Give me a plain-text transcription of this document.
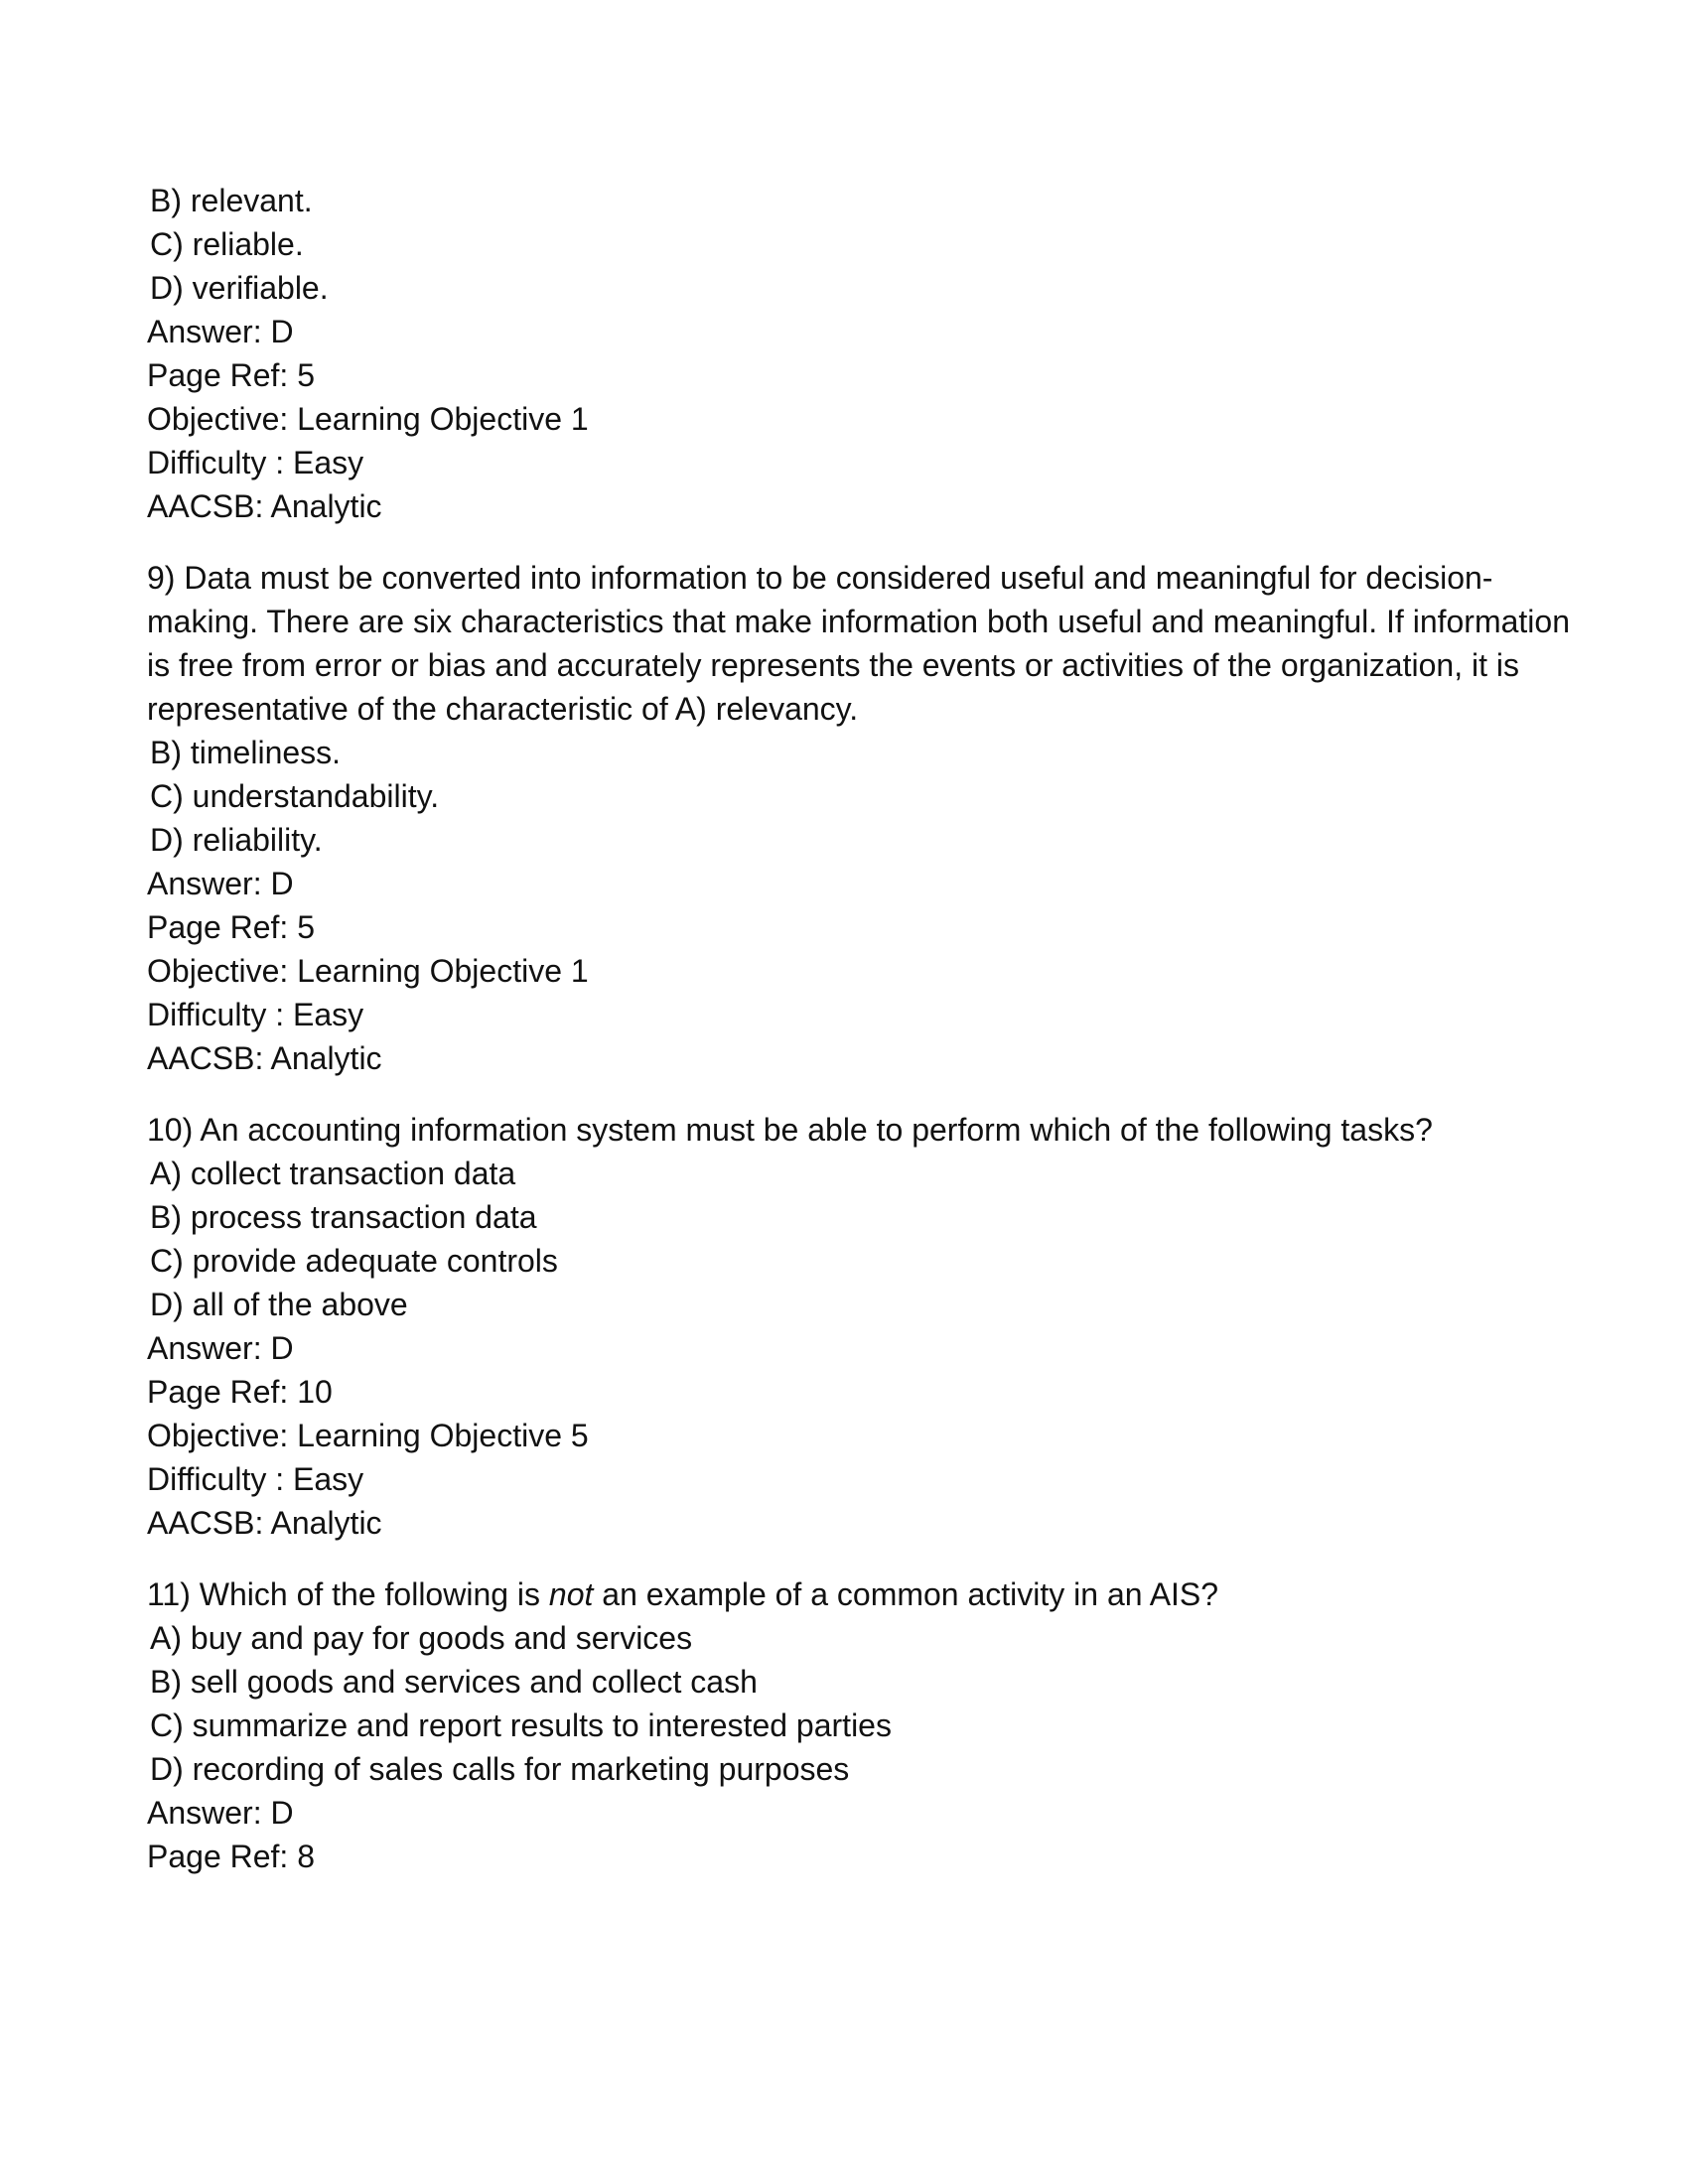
B) relevant.
C) reliable.
D) verifiable.
Answer: D
Page Ref: 5
Objective: Learning Objective 1
Difficulty : Easy
AACSB: Analytic
9) Data must be converted into information to be considered useful and meaningful for decision-
making. There are six characteristics that make information both useful and meaningful. If information
is free from error or bias and accurately represents the events or activities of the organization, it is
representative of the characteristic of A) relevancy.
B) timeliness.
C) understandability.
D) reliability.
Answer: D
Page Ref: 5
Objective: Learning Objective 1
Difficulty : Easy
AACSB: Analytic
10) An accounting information system must be able to perform which of the following tasks?
A) collect transaction data
B) process transaction data
C) provide adequate controls
D) all of the above
Answer: D
Page Ref: 10
Objective: Learning Objective 5
Difficulty : Easy
AACSB: Analytic
11) Which of the following is not an example of a common activity in an AIS?
A) buy and pay for goods and services
B) sell goods and services and collect cash
C) summarize and report results to interested parties
D) recording of sales calls for marketing purposes
Answer: D
Page Ref: 8
